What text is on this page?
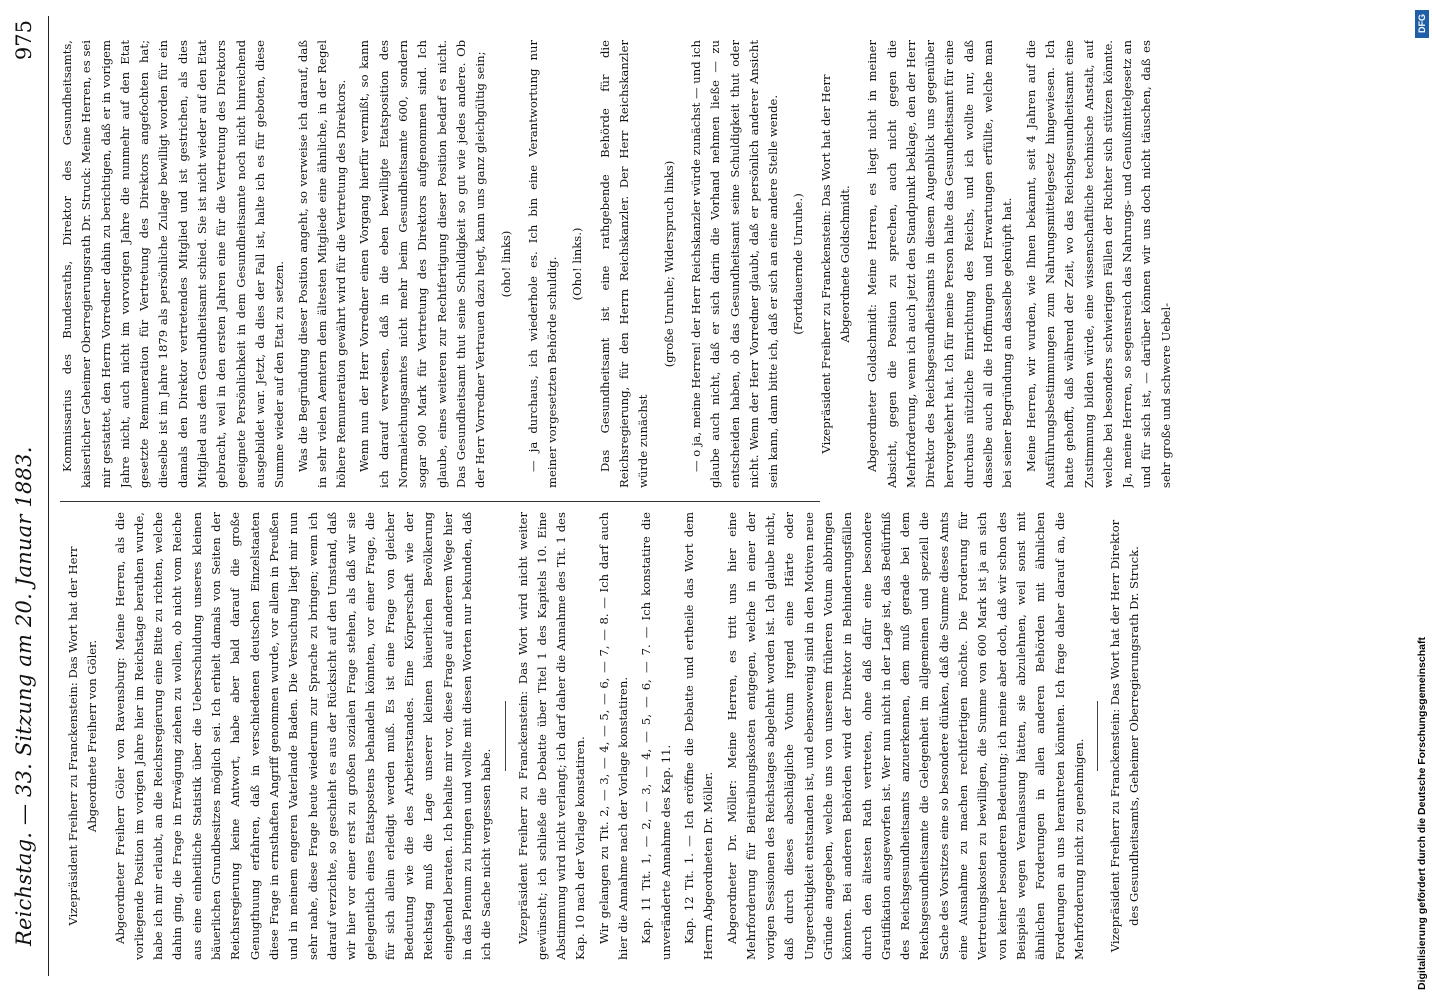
Reichstag. — 33. Sitzung am 20. Januar 1883.
975

Vizepräsident Freiherr zu Franckenstein: Das Wort hat der Herr Abgeordnete Freiherr von Göler. Abgeordneter Freiherr Göler von Ravensburg: Meine Herren, als die vorliegende Position im vorigen Jahre hier im Reichstage berathen wurde, habe ich mir erlaubt, an die Reichsregierung eine Bitte zu richten, welche dahin ging, die Frage in Erwägung ziehen zu wollen, ob nicht vom Reiche aus eine einheitliche Statistik über die Ueberschuldung unseres kleinen bäuerlichen Grundbesitzes möglich sei. Ich erhielt damals von Seiten der Reichsregierung keine Antwort, habe aber bald darauf die große Genugthuung erfahren, daß in verschiedenen deutschen Einzelstaaten diese Frage in ernsthaften Angriff genommen wurde, vor allem in Preußen und in meinem engeren Vaterlande Baden. Die Versuchung liegt mir nun sehr nahe, diese Frage heute wiederum zur Sprache zu bringen; wenn ich darauf verzichte, so geschieht es aus der Rücksicht auf den Umstand, daß wir hier vor einer erst zu großen sozialen Frage stehen, als daß wir sie gelegentlich eines Etatspostens behandeln könnten, vor einer Frage, die für sich allein erledigt werden muß. Es ist eine Frage von gleicher Bedeutung wie die des Arbeiterstandes. Eine Körperschaft wie der Reichstag muß die Lage unserer kleinen bäuerlichen Bevölkerung eingehend beraten. Ich behalte mir vor, diese Frage auf anderem Wege hier in das Plenum zu bringen und wollte mit diesen Worten nur bekunden, daß ich die Sache nicht vergessen habe. Vizepräsident Freiherr zu Franckenstein: Das Wort wird nicht weiter gewünscht; ich schließe die Debatte über Titel 1 des Kapitels 10. Eine Abstimmung wird nicht verlangt; ich darf daher die Annahme des Tit. 1 des Kap. 10 nach der Vorlage konstatiren. Wir gelangen zu Tit. 2, — 3, — 4, — 5, — 6, — 7, — 8. — Ich darf auch hier die Annahme nach der Vorlage konstatiren. Kap. 11 Tit. 1, — 2, — 3, — 4, — 5, — 6, — 7. — Ich konstatire die unveränderte Annahme des Kap. 11. Kap. 12 Tit. 1. — Ich eröffne die Debatte und ertheile das Wort dem Herrn Abgeordneten Dr. Möller. Abgeordneter Dr. Möller: Meine Herren, es tritt uns hier eine Mehrforderung für Beitreibungskosten entgegen, welche in einer der vorigen Sessionen des Reichstages abgelehnt worden ist. Ich glaube nicht, daß durch dieses abschlägliche Votum irgend eine Härte oder Ungerechtigkeit entstanden ist, und ebensowenig sind in den Motiven neue Gründe angegeben, welche uns von unserem früheren Votum abbringen könnten. Bei anderen Behörden wird der Direktor in Behinderungsfällen durch den ältesten Rath vertreten, ohne daß dafür eine besondere Gratifikation ausgeworfen ist. Wer nun nicht in der Lage ist, das Bedürfniß des Reichsgesundheitsamts anzuerkennen, dem muß gerade bei dem Reichsgesundheitsamte die Gelegenheit im allgemeinen und speziell die Sache des Vorsitzes eine so besondere dünken, daß die Summe dieses Amts eine Ausnahme zu machen rechtfertigen möchte. Die Forderung für Vertretungskosten zu bewilligen, die Summe von 600 Mark ist ja an sich von keiner besonderen Bedeutung; ich meine aber doch, daß wir schon des Beispiels wegen Veranlassung hätten, sie abzulehnen, weil sonst mit ähnlichen Forderungen in allen anderen Behörden mit ähnlichen Forderungen an uns herantreten könnten. Ich frage daher darauf an, die Mehrforderung nicht zu genehmigen. Vizepräsident Freiherr zu Franckenstein: Das Wort hat der Herr Direktor des Gesundheitsamts, Geheimer Oberregierungsrath Dr. Struck.

Kommissarius des Bundesraths, Direktor des Gesundheitsamts, kaiserlicher Geheimer Oberregierungsrath Dr. Struck: Meine Herren, es sei mir gestattet, den Herrn Vorredner dahin zu berichtigen, daß er in vorigem Jahre nicht, auch nicht im vorvorigen Jahre die nunmehr auf den Etat gesetzte Remuneration für Vertretung des Direktors angefochten hat; dieselbe ist im Jahre 1879 als persönliche Zulage bewilligt worden für ein damals den Direktor vertretendes Mitglied und ist gestrichen, als dies Mitglied aus dem Gesundheitsamt schied. Sie ist nicht wieder auf den Etat gebracht, weil in den ersten Jahren eine für die Vertretung des Direktors geeignete Persönlichkeit in dem Gesundheitsamte noch nicht hinreichend ausgebildet war. Jetzt, da dies der Fall ist, halte ich es für geboten, diese Summe wieder auf den Etat zu setzen. Was die Begründung dieser Position angeht, so verweise ich darauf, daß in sehr vielen Aemtern dem ältesten Mitgliede eine ähnliche, in der Regel höhere Remuneration gewährt wird für die Vertretung des Direktors. Wenn nun der Herr Vorredner einen Vorgang hierfür vermißt, so kann ich darauf verweisen, daß in die eben bewilligte Etatsposition des Normaleichungsamtes nicht mehr beim Gesundheitsamte 600, sondern sogar 900 Mark für Vertretung des Direktors aufgenommen sind. Ich glaube, eines weiteren zur Rechtfertigung dieser Position bedarf es nicht. Das Gesundheitsamt thut seine Schuldigkeit so gut wie jedes andere. Ob der Herr Vorredner Vertrauen dazu hegt, kann uns ganz gleichgültig sein; (oho! links) — ja durchaus, ich wiederhole es. Ich bin eine Verantwortung nur meiner vorgesetzten Behörde schuldig. (Oho! links.) Das Gesundheitsamt ist eine rathgebende Behörde für die Reichsregierung, für den Herrn Reichskanzler. Der Herr Reichskanzler würde zunächst

(große Unruhe; Widerspruch links) — o ja, meine Herren! der Herr Reichskanzler würde zunächst — und ich glaube auch nicht, daß er sich darin die Vorhand nehmen ließe — zu entscheiden haben, ob das Gesundheitsamt seine Schuldigkeit thut oder nicht. Wenn der Herr Vorredner glaubt, daß er persönlich anderer Ansicht sein kann, dann bitte ich, daß er sich an eine andere Stelle wende. (Fortdauernde Unruhe.) Vizepräsident Freiherr zu Franckenstein: Das Wort hat der Herr Abgeordnete Goldschmidt. Abgeordneter Goldschmidt: Meine Herren, es liegt nicht in meiner Absicht, gegen die Position zu sprechen, auch nicht gegen die Mehrforderung, wenn ich auch jetzt den Standpunkt beklage, den der Herr Direktor des Reichsgesundheitsamts in diesem Augenblick uns gegenüber hervorgekehrt hat. Ich für meine Person halte das Gesundheitsamt für eine durchaus nützliche Einrichtung des Reichs, und ich wollte nur, daß dasselbe auch all die Hoffnungen und Erwartungen erfüllte, welche man bei seiner Begründung an dasselbe geknüpft hat. Meine Herren, wir wurden, wie Ihnen bekannt, seit 4 Jahren auf die Ausführungsbestimmungen zum Nahrungsmittelgesetz hingewiesen. Ich hatte gehofft, daß während der Zeit, wo das Reichsgesundheitsamt eine Zustimmung bilden würde, eine wissenschaftliche technische Anstalt, auf welche bei besonders schwierigen Fällen der Richter sich stützen könnte. Ja, meine Herren, so segensreich das Nahrungs- und Genußmittelgesetz an und für sich ist, — darüber können wir uns doch nicht täuschen, daß es sehr große und schwere Uebel-

DFG
Digitalisierung gefördert durch die Deutsche Forschungsgemeinschaft
